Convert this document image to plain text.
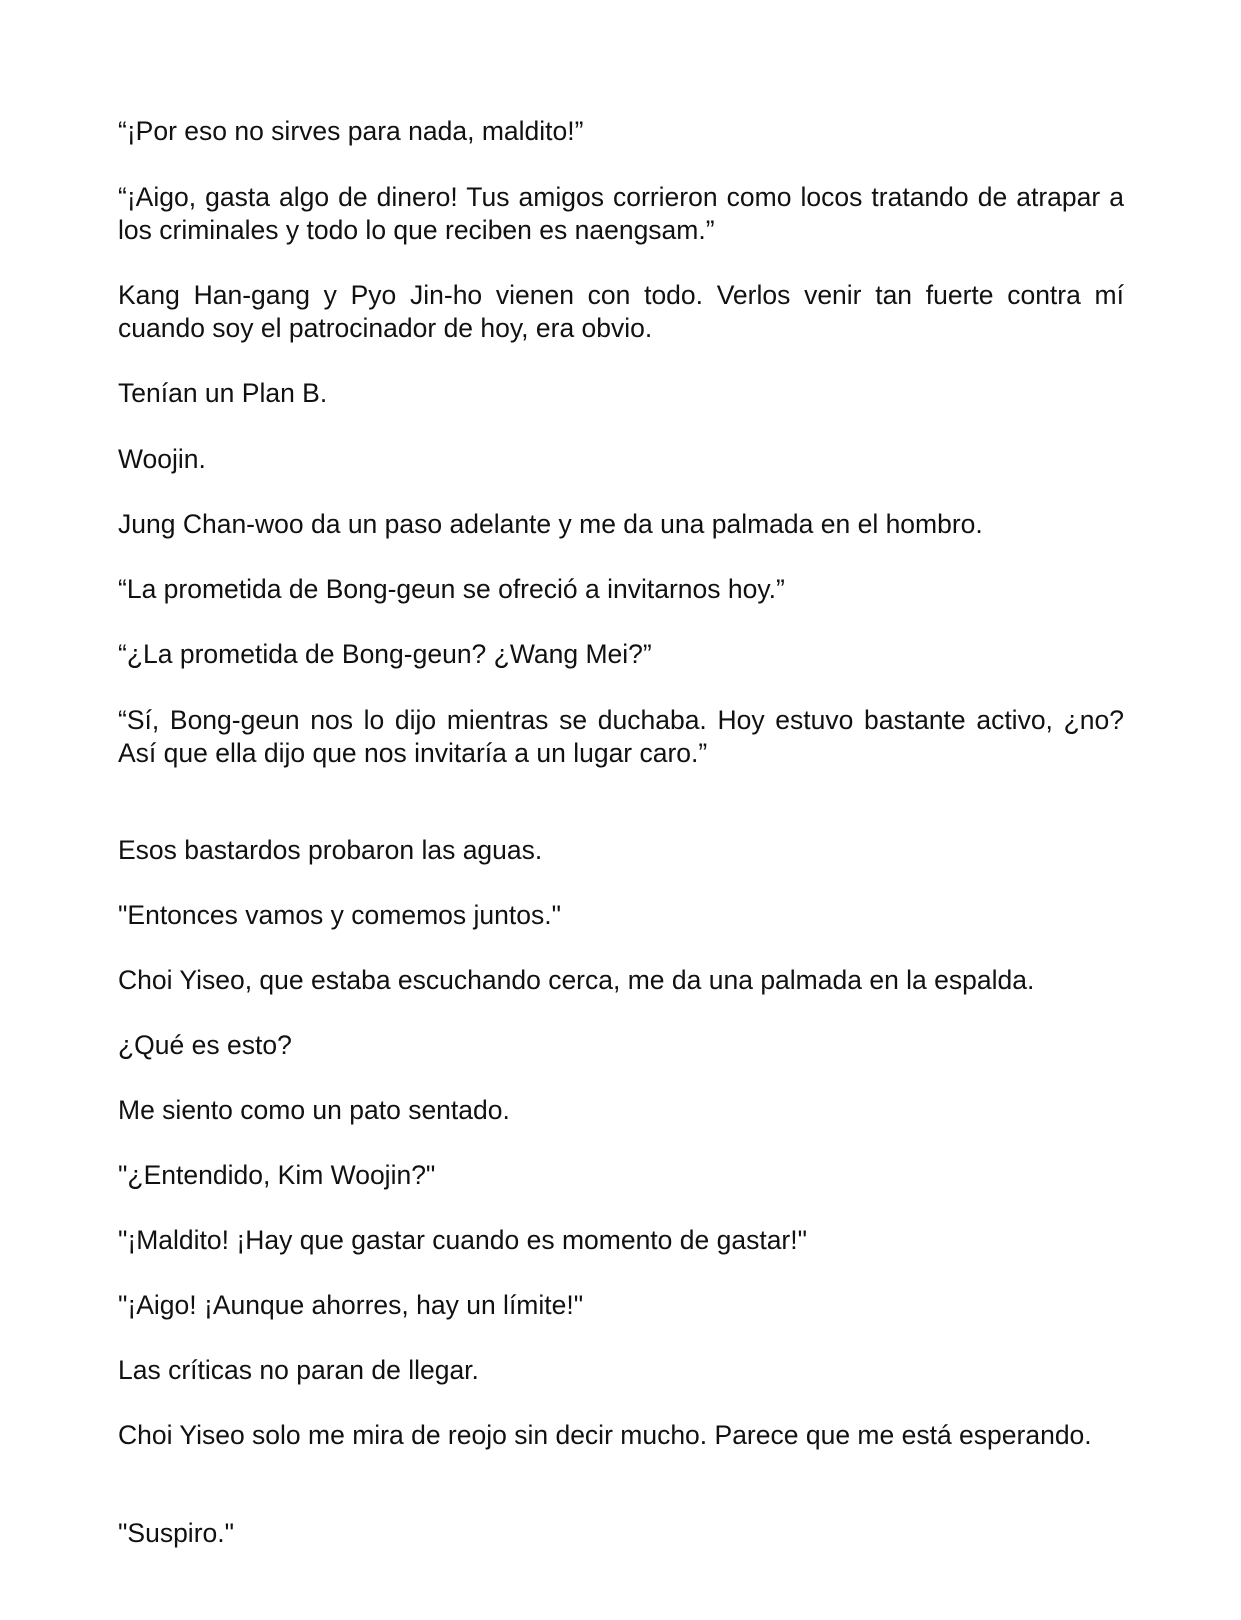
“¡Por eso no sirves para nada, maldito!”

“¡Aigo, gasta algo de dinero! Tus amigos corrieron como locos tratando de atrapar a los criminales y todo lo que reciben es naengsam.”

Kang Han-gang y Pyo Jin-ho vienen con todo. Verlos venir tan fuerte contra mí cuando soy el patrocinador de hoy, era obvio.

Tenían un Plan B.

Woojin.

Jung Chan-woo da un paso adelante y me da una palmada en el hombro.

“La prometida de Bong-geun se ofreció a invitarnos hoy.”

“¿La prometida de Bong-geun? ¿Wang Mei?”

“Sí, Bong-geun nos lo dijo mientras se duchaba. Hoy estuvo bastante activo, ¿no? Así que ella dijo que nos invitaría a un lugar caro.”

Esos bastardos probaron las aguas.

"Entonces vamos y comemos juntos."

Choi Yiseo, que estaba escuchando cerca, me da una palmada en la espalda.

¿Qué es esto?

Me siento como un pato sentado.

"¿Entendido, Kim Woojin?"

"¡Maldito! ¡Hay que gastar cuando es momento de gastar!"

"¡Aigo! ¡Aunque ahorres, hay un límite!"

Las críticas no paran de llegar.

Choi Yiseo solo me mira de reojo sin decir mucho. Parece que me está esperando.

"Suspiro."
